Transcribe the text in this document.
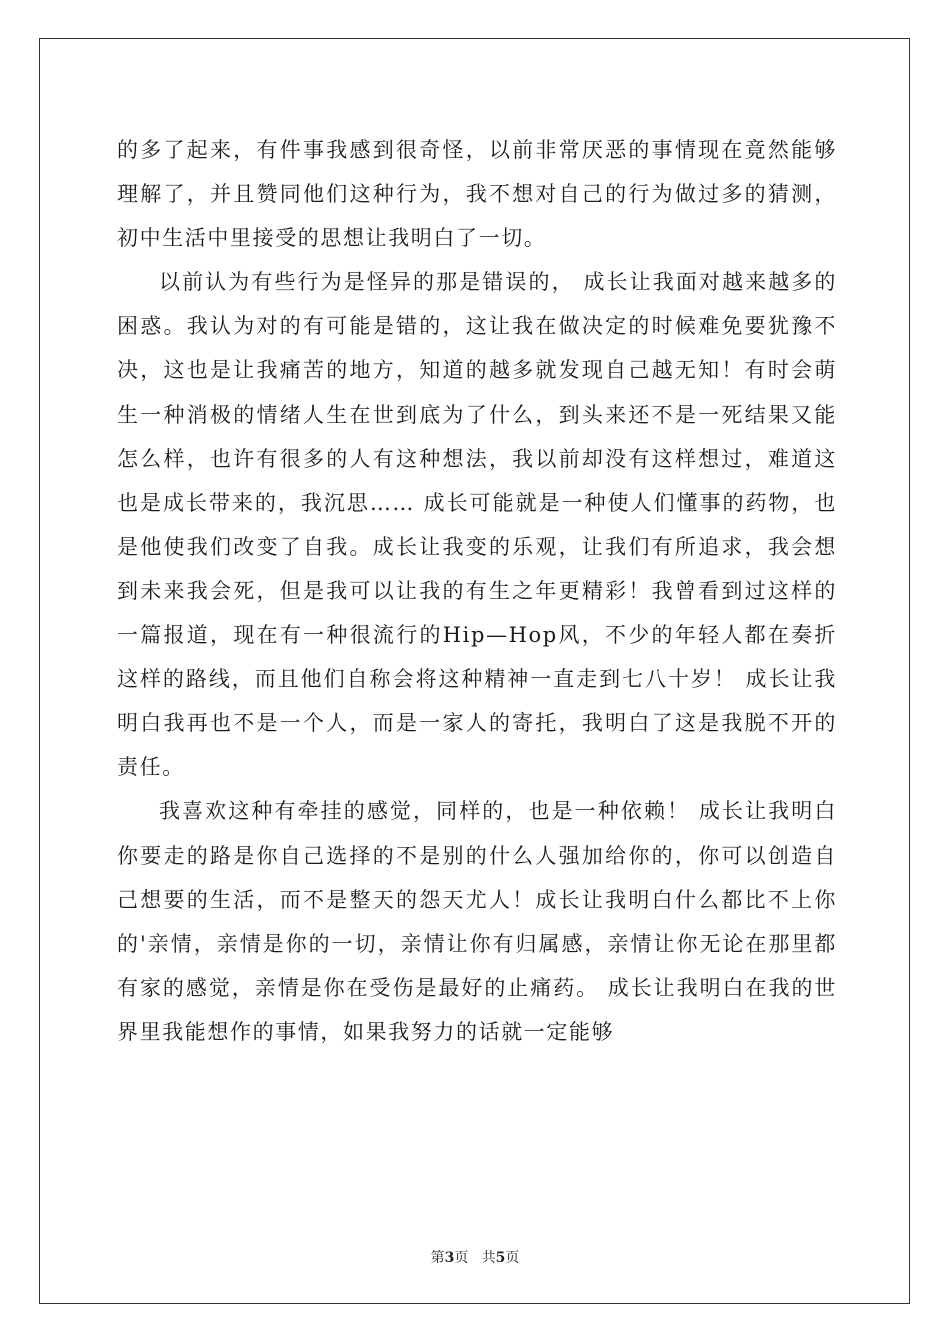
的多了起来，有件事我感到很奇怪，以前非常厌恶的事情现在竟然能够理解了，并且赞同他们这种行为，我不想对自己的行为做过多的猜测，初中生活中里接受的思想让我明白了一切。

以前认为有些行为是怪异的那是错误的， 成长让我面对越来越多的困惑。我认为对的有可能是错的，这让我在做决定的时候难免要犹豫不决，这也是让我痛苦的地方，知道的越多就发现自己越无知！有时会萌生一种消极的情绪人生在世到底为了什么，到头来还不是一死结果又能怎么样，也许有很多的人有这种想法，我以前却没有这样想过，难道这也是成长带来的，我沉思…… 成长可能就是一种使人们懂事的药物，也是他使我们改变了自我。成长让我变的乐观，让我们有所追求，我会想到未来我会死，但是我可以让我的有生之年更精彩！我曾看到过这样的一篇报道，现在有一种很流行的Hip—Hop风，不少的年轻人都在奏折这样的路线，而且他们自称会将这种精神一直走到七八十岁！ 成长让我明白我再也不是一个人，而是一家人的寄托，我明白了这是我脱不开的责任。

我喜欢这种有牵挂的感觉，同样的，也是一种依赖！ 成长让我明白你要走的路是你自己选择的不是别的什么人强加给你的，你可以创造自己想要的生活，而不是整天的怨天尤人！成长让我明白什么都比不上你的'亲情，亲情是你的一切，亲情让你有归属感，亲情让你无论在那里都有家的感觉，亲情是你在受伤是最好的止痛药。 成长让我明白在我的世界里我能想作的事情，如果我努力的话就一定能够

第3页 共5页
